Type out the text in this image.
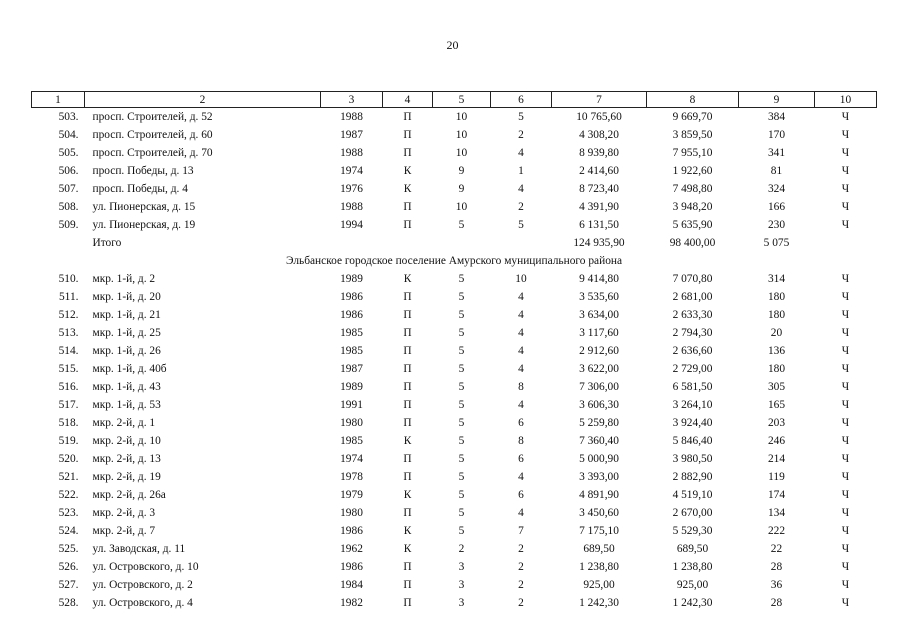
20
1	2	3	4	5	6	7	8	9	10
503.	просп. Строителей, д. 52	1988	П	10	5	10 765,60	9 669,70	384	Ч
504.	просп. Строителей, д. 60	1987	П	10	2	4 308,20	3 859,50	170	Ч
505.	просп. Строителей, д. 70	1988	П	10	4	8 939,80	7 955,10	341	Ч
506.	просп. Победы, д. 13	1974	К	9	1	2 414,60	1 922,60	81	Ч
507.	просп. Победы, д. 4	1976	К	9	4	8 723,40	7 498,80	324	Ч
508.	ул. Пионерская, д. 15	1988	П	10	2	4 391,90	3 948,20	166	Ч
509.	ул. Пионерская, д. 19	1994	П	5	5	6 131,50	5 635,90	230	Ч
	Итого					124 935,90	98 400,00	5 075	
Эльбанское городское поселение Амурского муниципального района									
510.	мкр. 1-й, д. 2	1989	К	5	10	9 414,80	7 070,80	314	Ч
511.	мкр. 1-й, д. 20	1986	П	5	4	3 535,60	2 681,00	180	Ч
512.	мкр. 1-й, д. 21	1986	П	5	4	3 634,00	2 633,30	180	Ч
513.	мкр. 1-й, д. 25	1985	П	5	4	3 117,60	2 794,30	20	Ч
514.	мкр. 1-й, д. 26	1985	П	5	4	2 912,60	2 636,60	136	Ч
515.	мкр. 1-й, д. 40б	1987	П	5	4	3 622,00	2 729,00	180	Ч
516.	мкр. 1-й, д. 43	1989	П	5	8	7 306,00	6 581,50	305	Ч
517.	мкр. 1-й, д. 53	1991	П	5	4	3 606,30	3 264,10	165	Ч
518.	мкр. 2-й, д. 1	1980	П	5	6	5 259,80	3 924,40	203	Ч
519.	мкр. 2-й, д. 10	1985	К	5	8	7 360,40	5 846,40	246	Ч
520.	мкр. 2-й, д. 13	1974	П	5	6	5 000,90	3 980,50	214	Ч
521.	мкр. 2-й, д. 19	1978	П	5	4	3 393,00	2 882,90	119	Ч
522.	мкр. 2-й, д. 26а	1979	К	5	6	4 891,90	4 519,10	174	Ч
523.	мкр. 2-й, д. 3	1980	П	5	4	3 450,60	2 670,00	134	Ч
524.	мкр. 2-й, д. 7	1986	К	5	7	7 175,10	5 529,30	222	Ч
525.	ул. Заводская, д. 11	1962	К	2	2	689,50	689,50	22	Ч
526.	ул. Островского, д. 10	1986	П	3	2	1 238,80	1 238,80	28	Ч
527.	ул. Островского, д. 2	1984	П	3	2	925,00	925,00	36	Ч
528.	ул. Островского, д. 4	1982	П	3	2	1 242,30	1 242,30	28	Ч
